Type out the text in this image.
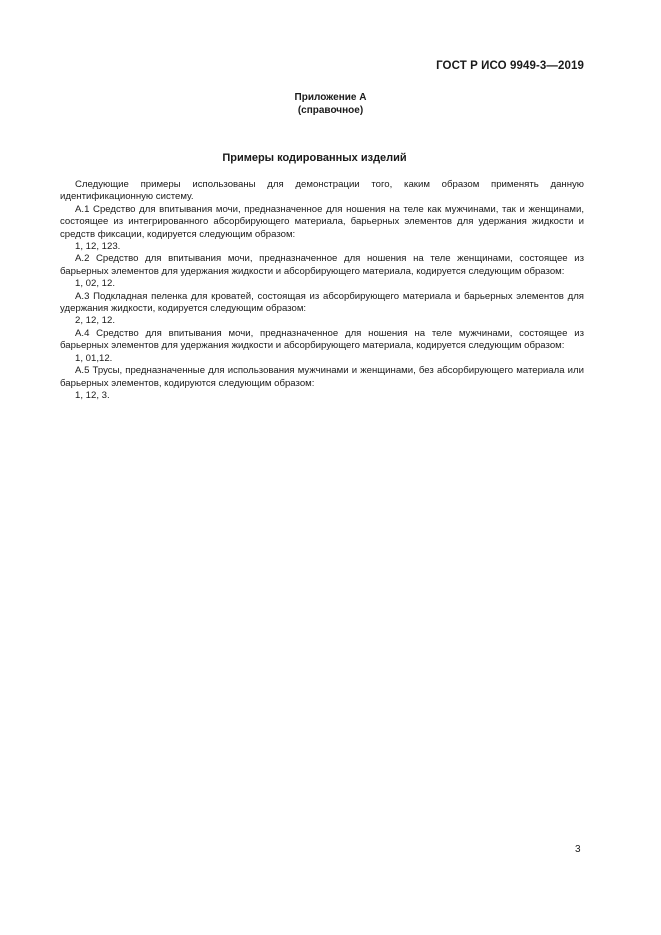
ГОСТ Р ИСО 9949-3—2019
Приложение А
(справочное)
Примеры кодированных изделий

Следующие примеры использованы для демонстрации того, каким образом применять данную идентификационную систему.

А.1 Средство для впитывания мочи, предназначенное для ношения на теле как мужчинами, так и женщинами, состоящее из интегрированного абсорбирующего материала, барьерных элементов для удержания жидкости и средств фиксации, кодируется следующим образом:

1, 12, 123.

А.2 Средство для впитывания мочи, предназначенное для ношения на теле женщинами, состоящее из барьерных элементов для удержания жидкости и абсорбирующего материала, кодируется следующим образом:

1, 02, 12.

А.3 Подкладная пеленка для кроватей, состоящая из абсорбирующего материала и барьерных элементов для удержания жидкости, кодируется следующим образом:

2, 12, 12.

А.4 Средство для впитывания мочи, предназначенное для ношения на теле мужчинами, состоящее из барьерных элементов для удержания жидкости и абсорбирующего материала, кодируется следующим образом:

1, 01,12.

А.5 Трусы, предназначенные для использования мужчинами и женщинами, без абсорбирующего материала или барьерных элементов, кодируются следующим образом:

1, 12, 3.

3
